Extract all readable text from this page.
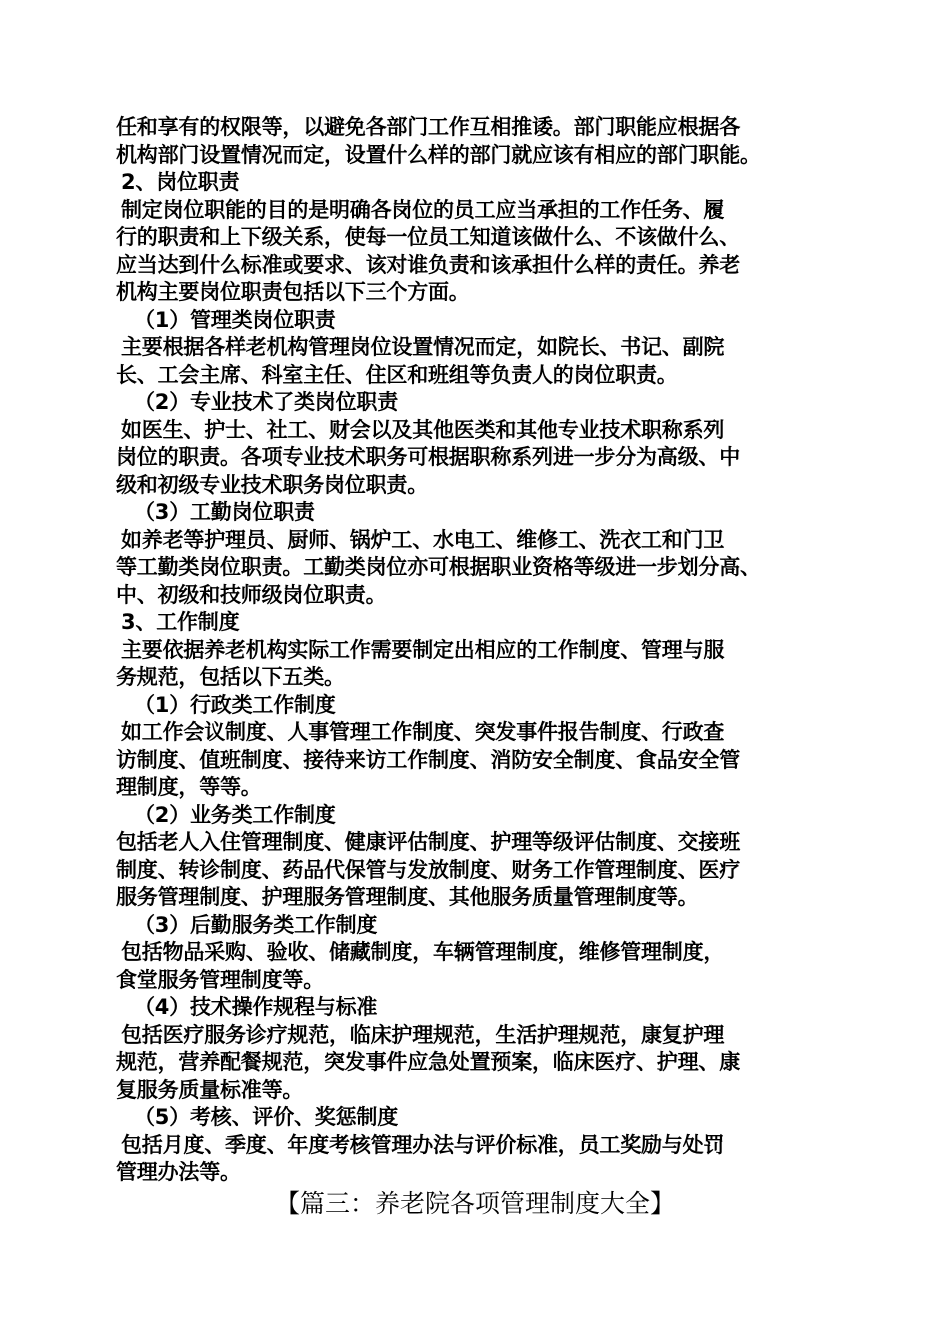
任和享有的权限等，以避免各部门工作互相推诿。部门职能应根据各
机构部门设置情况而定，设置什么样的部门就应该有相应的部门职能。
2、岗位职责
制定岗位职能的目的是明确各岗位的员工应当承担的工作任务、履
行的职责和上下级关系，使每一位员工知道该做什么、不该做什么、
应当达到什么标准或要求、该对谁负责和该承担什么样的责任。养老
机构主要岗位职责包括以下三个方面。
（1）管理类岗位职责
主要根据各样老机构管理岗位设置情况而定，如院长、书记、副院
长、工会主席、科室主任、住区和班组等负责人的岗位职责。
（2）专业技术了类岗位职责
如医生、护士、社工、财会以及其他医类和其他专业技术职称系列
岗位的职责。各项专业技术职务可根据职称系列进一步分为高级、中
级和初级专业技术职务岗位职责。
（3）工勤岗位职责
如养老等护理员、厨师、锅炉工、水电工、维修工、洗衣工和门卫
等工勤类岗位职责。工勤类岗位亦可根据职业资格等级进一步划分高、
中、初级和技师级岗位职责。
3、工作制度
主要依据养老机构实际工作需要制定出相应的工作制度、管理与服
务规范，包括以下五类。
（1）行政类工作制度
如工作会议制度、人事管理工作制度、突发事件报告制度、行政查
访制度、值班制度、接待来访工作制度、消防安全制度、食品安全管
理制度，等等。
（2）业务类工作制度
包括老人入住管理制度、健康评估制度、护理等级评估制度、交接班
制度、转诊制度、药品代保管与发放制度、财务工作管理制度、医疗
服务管理制度、护理服务管理制度、其他服务质量管理制度等。
（3）后勤服务类工作制度
包括物品采购、验收、储藏制度，车辆管理制度，维修管理制度，
食堂服务管理制度等。
（4）技术操作规程与标准
包括医疗服务诊疗规范，临床护理规范，生活护理规范，康复护理
规范，营养配餐规范，突发事件应急处置预案，临床医疗、护理、康
复服务质量标准等。
（5）考核、评价、奖惩制度
包括月度、季度、年度考核管理办法与评价标准，员工奖励与处罚
管理办法等。
【篇三：养老院各项管理制度大全】
